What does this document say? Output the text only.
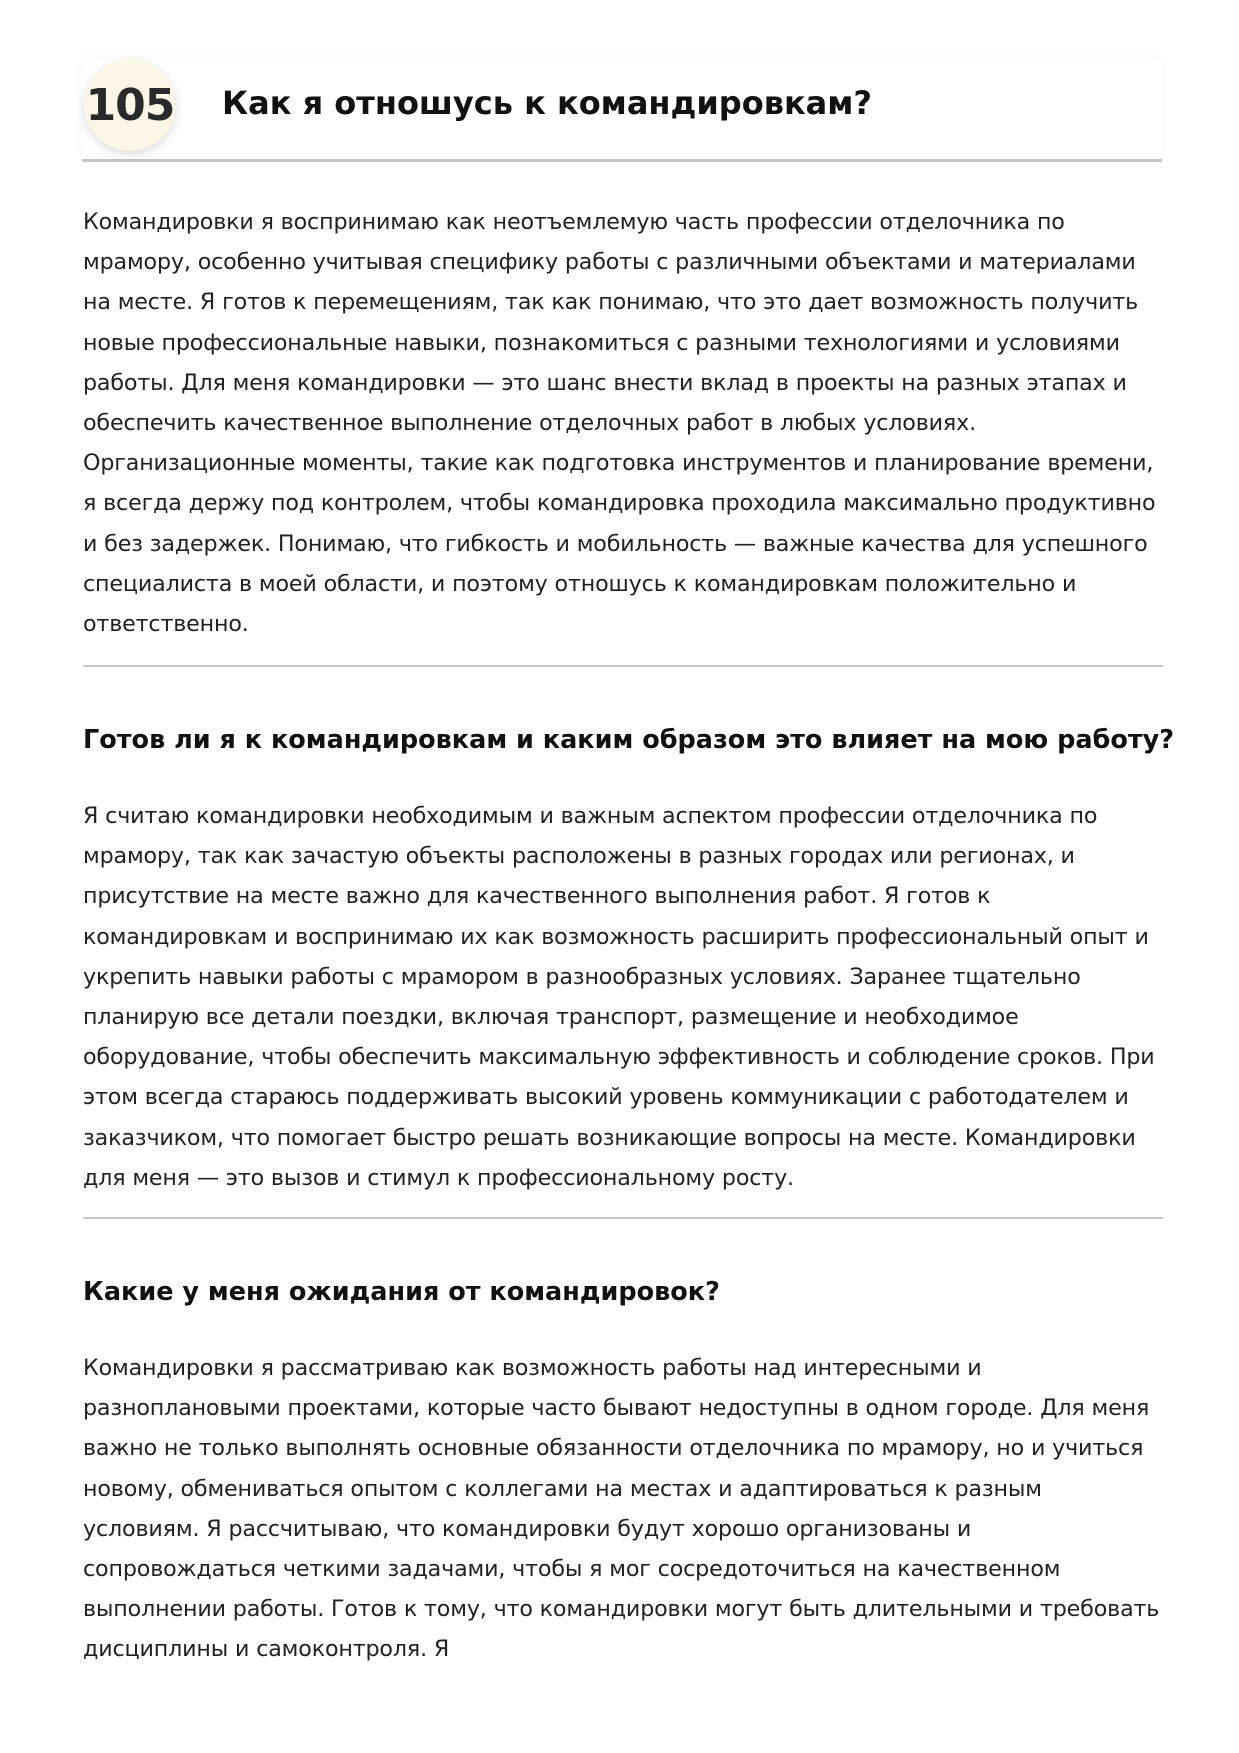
105 Как я отношусь к командировкам?

Командировки я воспринимаю как неотъемлемую часть профессии отделочника по мрамору, особенно учитывая специфику работы с различными объектами и материалами на месте. Я готов к перемещениям, так как понимаю, что это дает возможность получить новые профессиональные навыки, познакомиться с разными технологиями и условиями работы. Для меня командировки — это шанс внести вклад в проекты на разных этапах и обеспечить качественное выполнение отделочных работ в любых условиях. Организационные моменты, такие как подготовка инструментов и планирование времени, я всегда держу под контролем, чтобы командировка проходила максимально продуктивно и без задержек. Понимаю, что гибкость и мобильность — важные качества для успешного специалиста в моей области, и поэтому отношусь к командировкам положительно и ответственно.

Готов ли я к командировкам и каким образом это влияет на мою работу?

Я считаю командировки необходимым и важным аспектом профессии отделочника по мрамору, так как зачастую объекты расположены в разных городах или регионах, и присутствие на месте важно для качественного выполнения работ. Я готов к командировкам и воспринимаю их как возможность расширить профессиональный опыт и укрепить навыки работы с мрамором в разнообразных условиях. Заранее тщательно планирую все детали поездки, включая транспорт, размещение и необходимое оборудование, чтобы обеспечить максимальную эффективность и соблюдение сроков. При этом всегда стараюсь поддерживать высокий уровень коммуникации с работодателем и заказчиком, что помогает быстро решать возникающие вопросы на месте. Командировки для меня — это вызов и стимул к профессиональному росту.

Какие у меня ожидания от командировок?

Командировки я рассматриваю как возможность работы над интересными и разноплановыми проектами, которые часто бывают недоступны в одном городе. Для меня важно не только выполнять основные обязанности отделочника по мрамору, но и учиться новому, обмениваться опытом с коллегами на местах и адаптироваться к разным условиям. Я рассчитываю, что командировки будут хорошо организованы и сопровождаться четкими задачами, чтобы я мог сосредоточиться на качественном выполнении работы. Готов к тому, что командировки могут быть длительными и требовать дисциплины и самоконтроля. Я
